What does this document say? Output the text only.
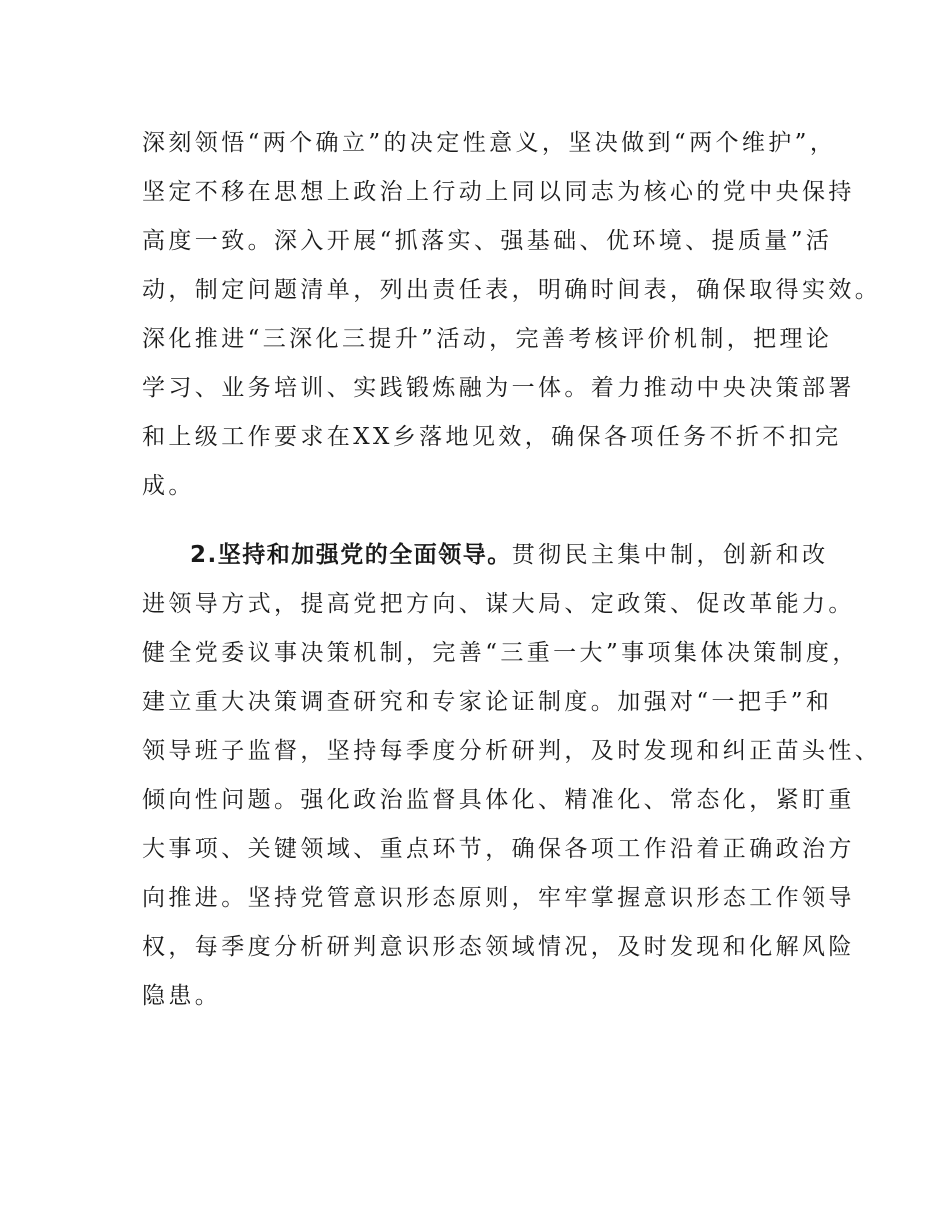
深刻领悟“两个确立”的决定性意义，坚决做到“两个维护”，
坚定不移在思想上政治上行动上同以同志为核心的党中央保持
高度一致。深入开展“抓落实、强基础、优环境、提质量”活
动，制定问题清单，列出责任表，明确时间表，确保取得实效。
深化推进“三深化三提升”活动，完善考核评价机制，把理论
学习、业务培训、实践锻炼融为一体。着力推动中央决策部署
和上级工作要求在XX乡落地见效，确保各项任务不折不扣完
成。
2.坚持和加强党的全面领导。贯彻民主集中制，创新和改
进领导方式，提高党把方向、谋大局、定政策、促改革能力。
健全党委议事决策机制，完善“三重一大”事项集体决策制度，
建立重大决策调查研究和专家论证制度。加强对“一把手”和
领导班子监督，坚持每季度分析研判，及时发现和纠正苗头性、
倾向性问题。强化政治监督具体化、精准化、常态化，紧盯重
大事项、关键领域、重点环节，确保各项工作沿着正确政治方
向推进。坚持党管意识形态原则，牢牢掌握意识形态工作领导
权，每季度分析研判意识形态领域情况，及时发现和化解风险
隐患。
